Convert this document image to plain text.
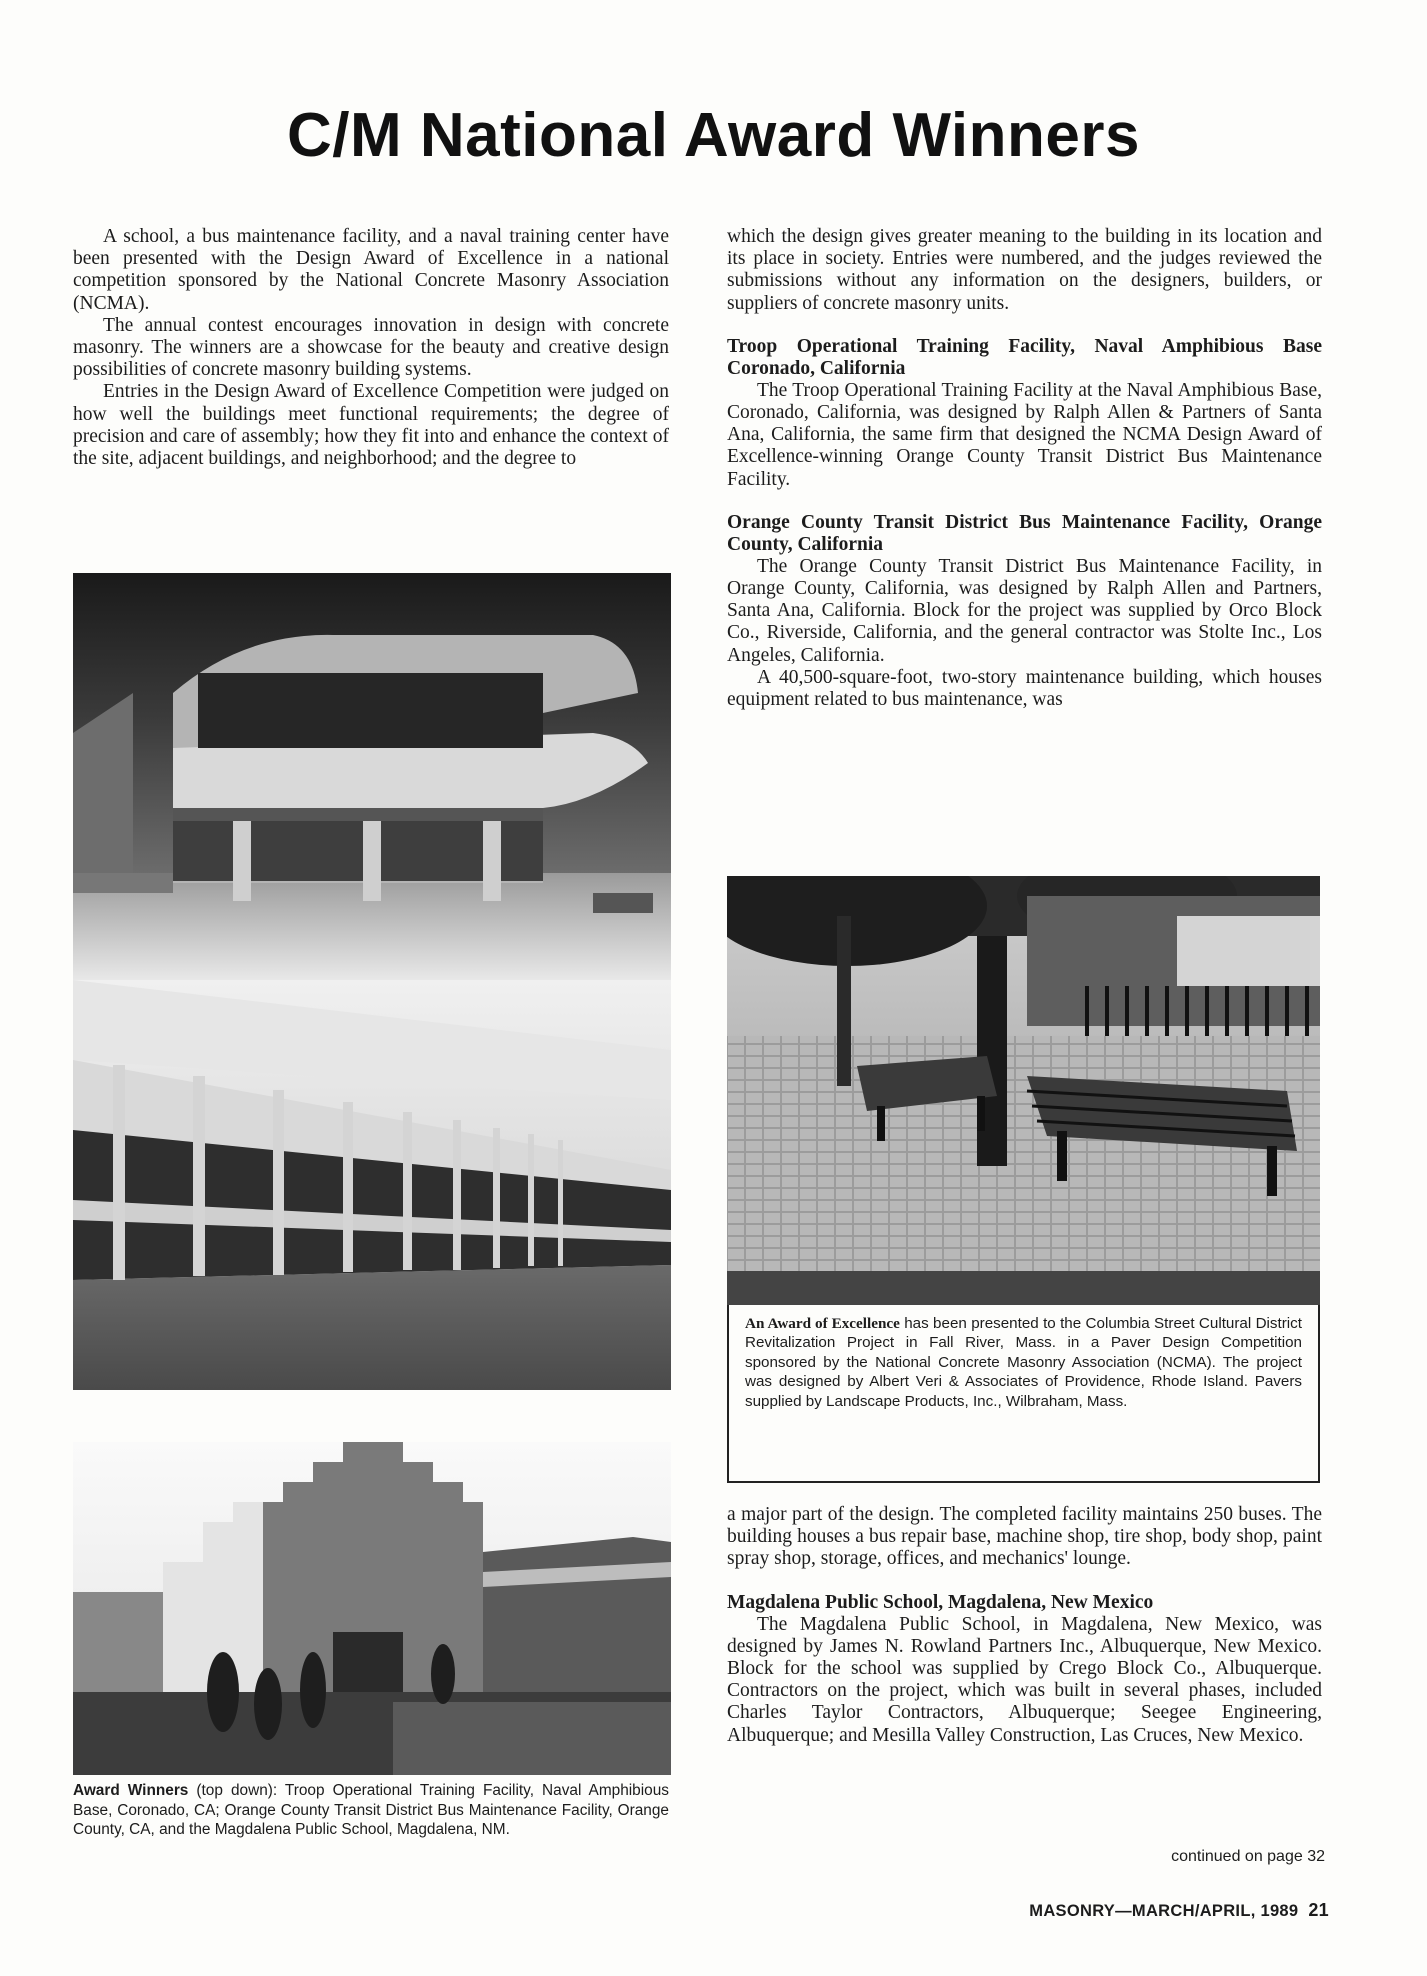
C/M National Award Winners

A school, a bus maintenance facility, and a naval training center have been presented with the Design Award of Excellence in a national competition sponsored by the National Concrete Masonry Association (NCMA).

The annual contest encourages innovation in design with concrete masonry. The winners are a showcase for the beauty and creative design possibilities of concrete masonry building systems.

Entries in the Design Award of Excellence Competition were judged on how well the buildings meet functional requirements; the degree of precision and care of assembly; how they fit into and enhance the context of the site, adjacent buildings, and neighborhood; and the degree to

Award Winners (top down): Troop Operational Training Facility, Naval Amphibious Base, Coronado, CA; Orange County Transit District Bus Maintenance Facility, Orange County, CA, and the Magdalena Public School, Magdalena, NM.

which the design gives greater meaning to the building in its location and its place in society. Entries were numbered, and the judges reviewed the submissions without any information on the designers, builders, or suppliers of concrete masonry units.

Troop Operational Training Facility, Naval Amphibious Base Coronado, California

The Troop Operational Training Facility at the Naval Amphibious Base, Coronado, California, was designed by Ralph Allen & Partners of Santa Ana, California, the same firm that designed the NCMA Design Award of Excellence-winning Orange County Transit District Bus Maintenance Facility.

Orange County Transit District Bus Maintenance Facility, Orange County, California

The Orange County Transit District Bus Maintenance Facility, in Orange County, California, was designed by Ralph Allen and Partners, Santa Ana, California. Block for the project was supplied by Orco Block Co., Riverside, California, and the general contractor was Stolte Inc., Los Angeles, California.

A 40,500-square-foot, two-story maintenance building, which houses equipment related to bus maintenance, was

An Award of Excellence has been presented to the Columbia Street Cultural District Revitalization Project in Fall River, Mass. in a Paver Design Competition sponsored by the National Concrete Masonry Association (NCMA). The project was designed by Albert Veri & Associates of Providence, Rhode Island. Pavers supplied by Landscape Products, Inc., Wilbraham, Mass.

a major part of the design. The completed facility maintains 250 buses. The building houses a bus repair base, machine shop, tire shop, body shop, paint spray shop, storage, offices, and mechanics' lounge.

Magdalena Public School, Magdalena, New Mexico

The Magdalena Public School, in Magdalena, New Mexico, was designed by James N. Rowland Partners Inc., Albuquerque, New Mexico. Block for the school was supplied by Crego Block Co., Albuquerque. Contractors on the project, which was built in several phases, included Charles Taylor Contractors, Albuquerque; Seegee Engineering, Albuquerque; and Mesilla Valley Construction, Las Cruces, New Mexico.

continued on page 32
MASONRY—MARCH/APRIL, 1989 21
